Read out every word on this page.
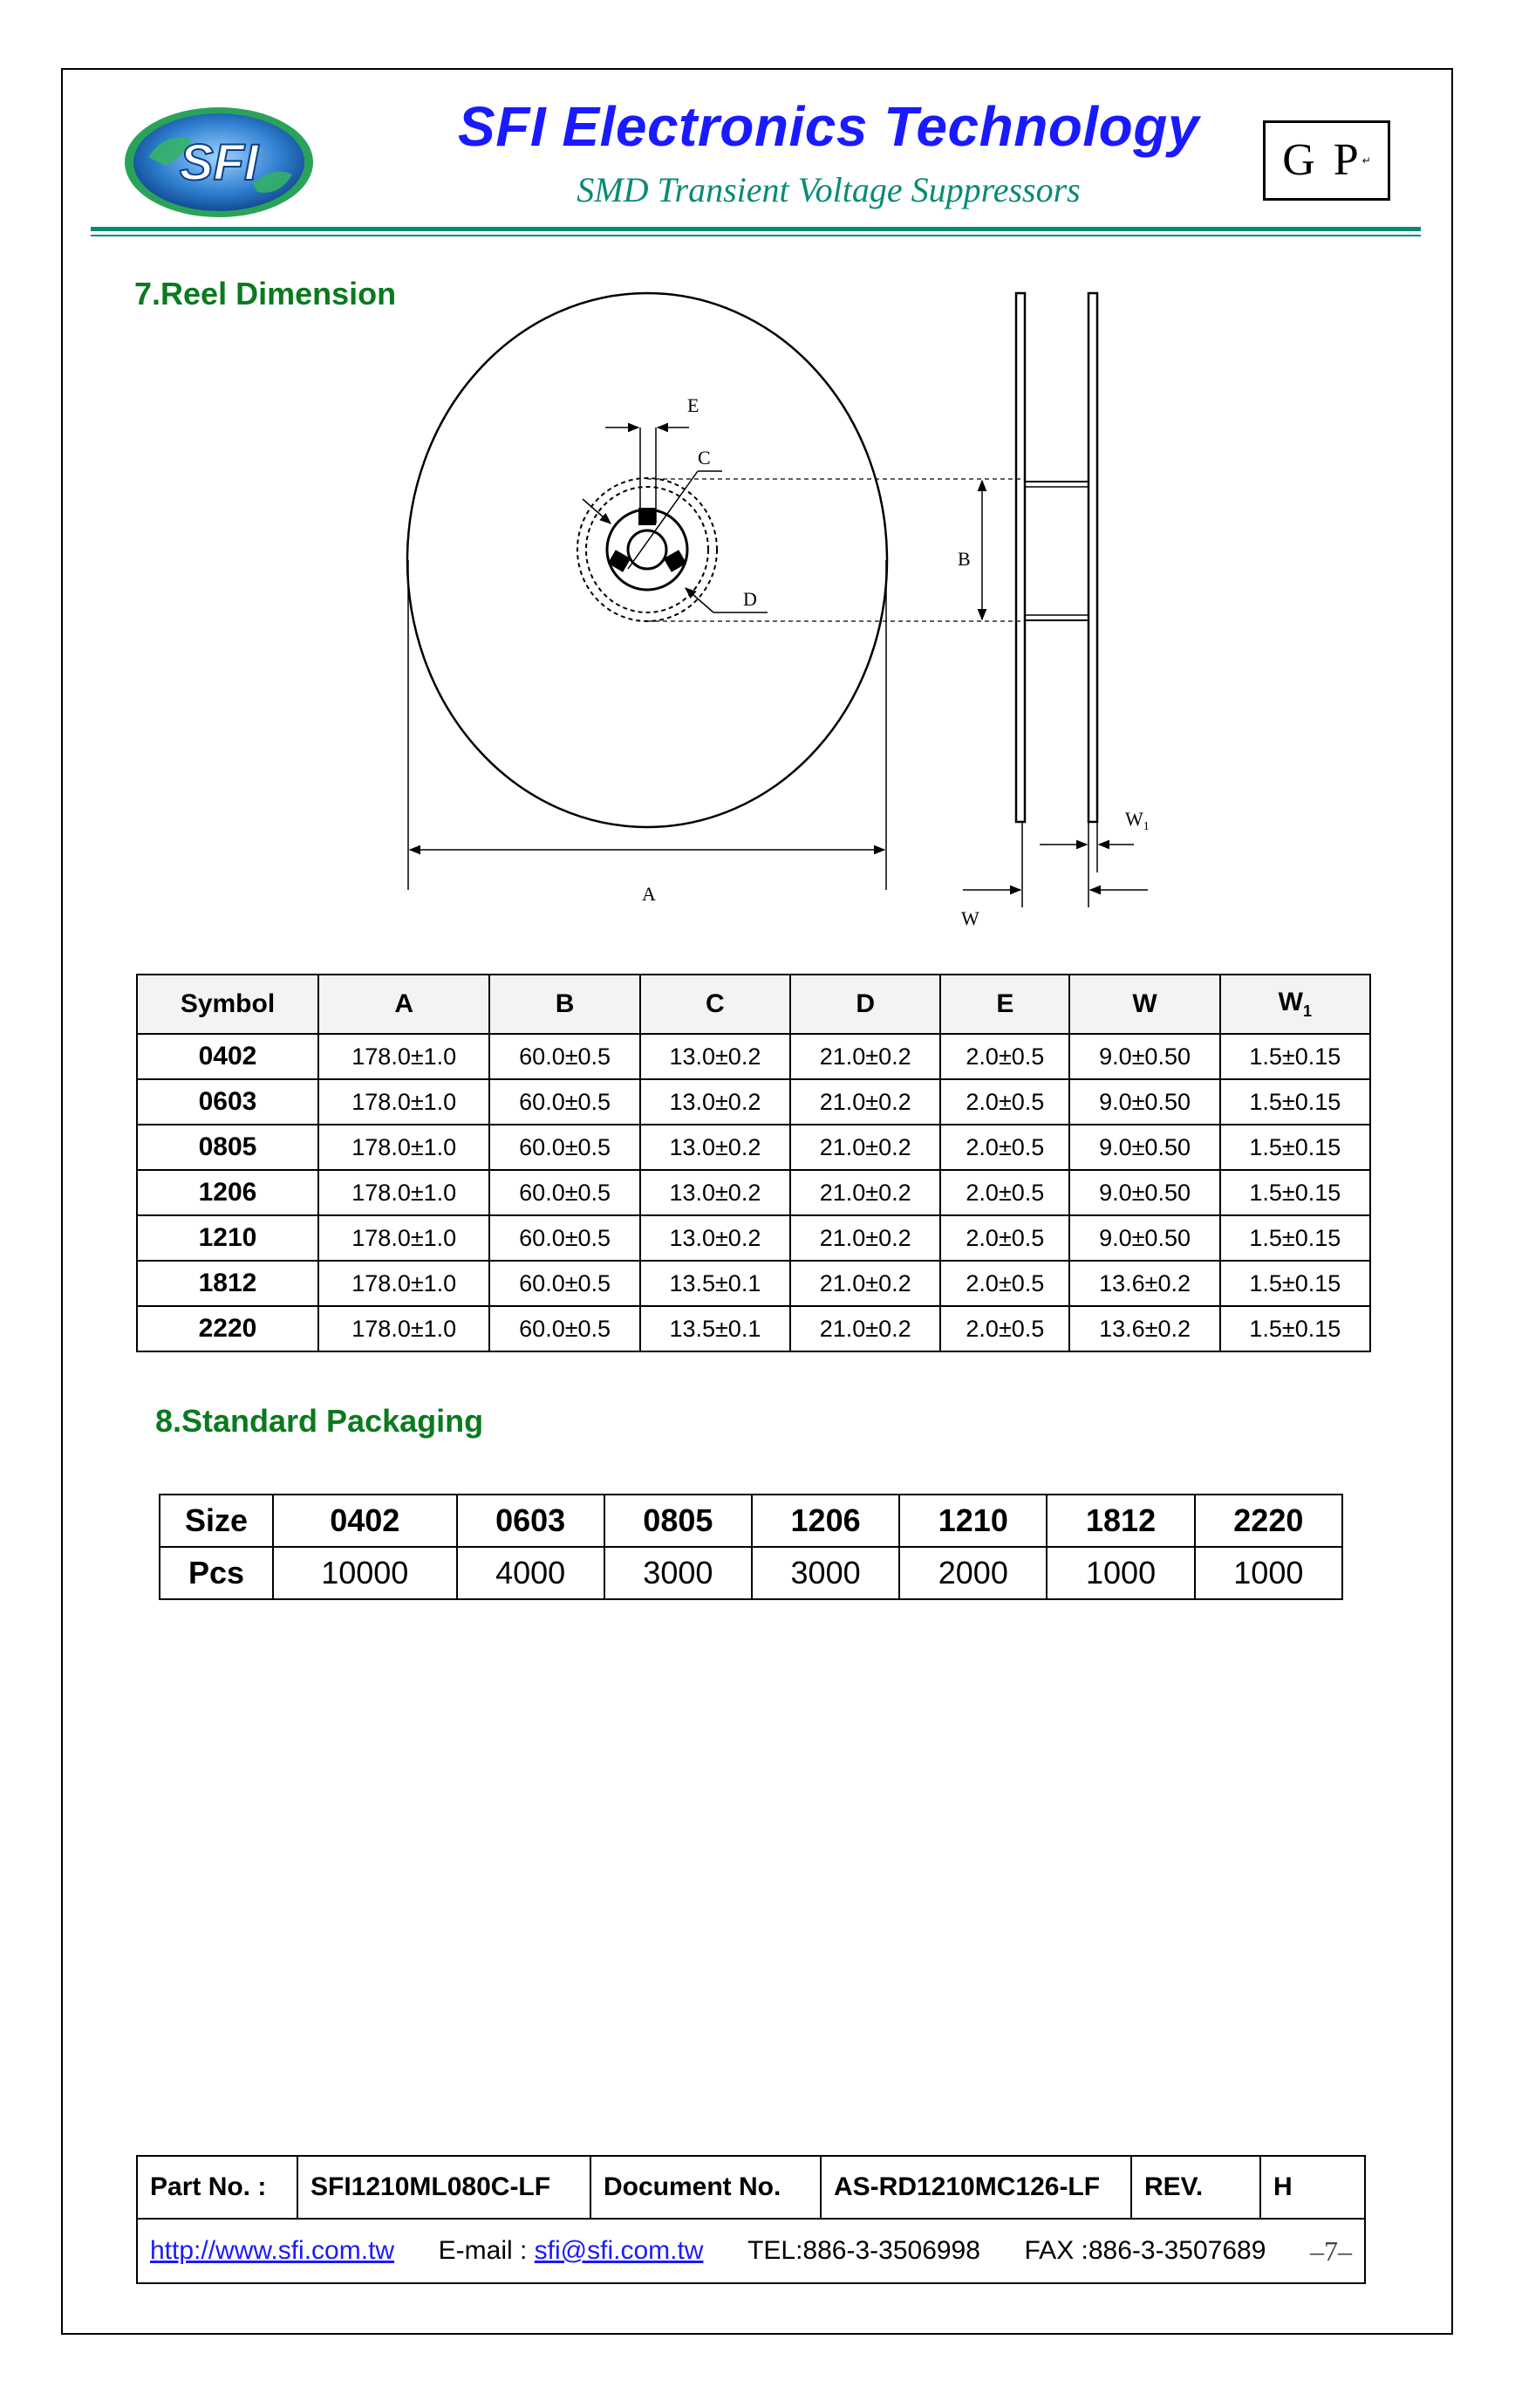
SFI
SFI Electronics Technology
SMD Transient Voltage Suppressors
G P↵
7.Reel Dimension
E
C
D
B
$W_1$
W
A
Symbol	A	B	C	D	E	W	$W_1$
0402	178.0±1.0	60.0±0.5	13.0±0.2	21.0±0.2	2.0±0.5	9.0±0.50	1.5±0.15
0603	178.0±1.0	60.0±0.5	13.0±0.2	21.0±0.2	2.0±0.5	9.0±0.50	1.5±0.15
0805	178.0±1.0	60.0±0.5	13.0±0.2	21.0±0.2	2.0±0.5	9.0±0.50	1.5±0.15
1206	178.0±1.0	60.0±0.5	13.0±0.2	21.0±0.2	2.0±0.5	9.0±0.50	1.5±0.15
1210	178.0±1.0	60.0±0.5	13.0±0.2	21.0±0.2	2.0±0.5	9.0±0.50	1.5±0.15
1812	178.0±1.0	60.0±0.5	13.5±0.1	21.0±0.2	2.0±0.5	13.6±0.2	1.5±0.15
2220	178.0±1.0	60.0±0.5	13.5±0.1	21.0±0.2	2.0±0.5	13.6±0.2	1.5±0.15
8.Standard Packaging
Size	0402	0603	0805	1206	1210	1812	2220
Pcs	10000	4000	3000	3000	2000	1000	1000
Part No. :	SFI1210ML080C-LF	Document No.	AS-RD1210MC126-LF	REV.	H

http://www.sfi.com.tw E-mail : sfi@sfi.com.tw TEL:886-3-3506998 FAX :886-3-3507689 –7–
